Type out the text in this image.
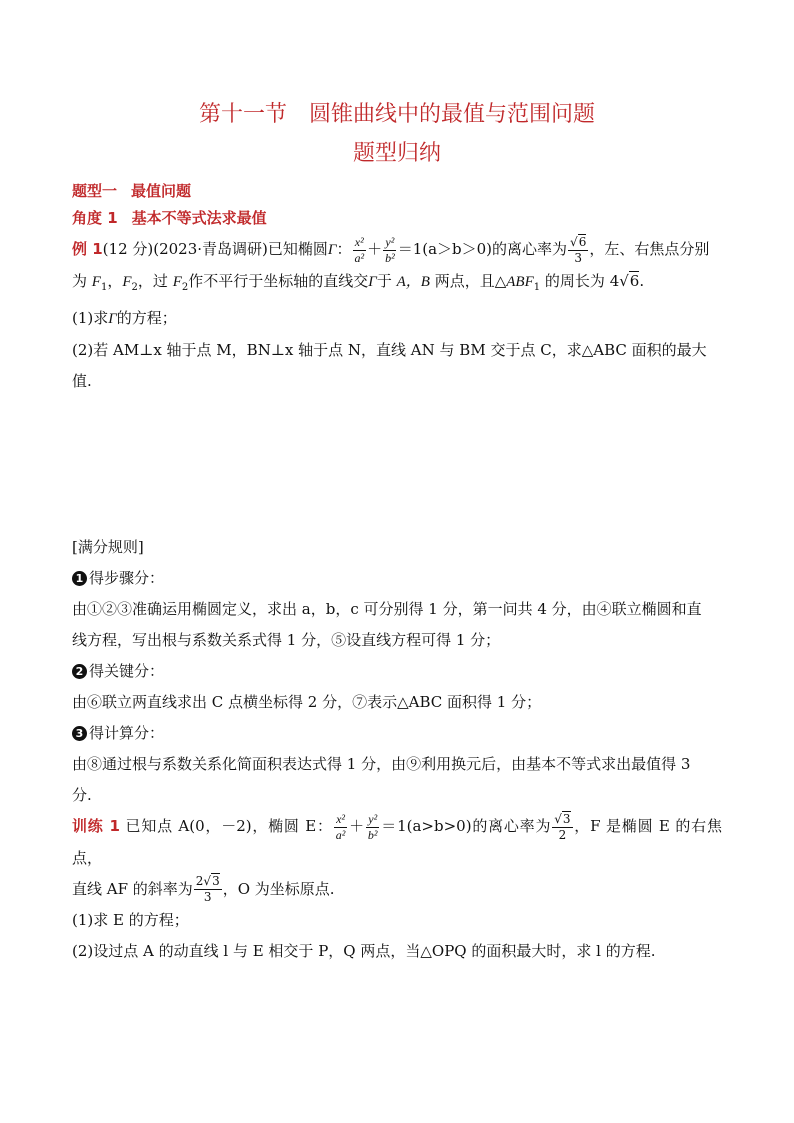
第十一节　圆锥曲线中的最值与范围问题
题型归纳
题型一 最值问题
角度 1 基本不等式法求最值

例 1(12 分)(2023·青岛调研)已知椭圆Γ： $\frac{\text{x²}}{\text{a²}} + \frac{\text{y²}}{\text{b²}} =1(a>b>0)$的离心率为 $\frac{√6}{3}$ ，左、右焦点分别

为 $F_1$，$F_2$，过 $F_2$作不平行于坐标轴的直线交Γ于 A，B 两点，且$\triangle ABF_1$ 的周长为 4√6.

(1)求Γ的方程；

(2)若 AM⊥x 轴于点 M，BN⊥x 轴于点 N，直线 AN 与 BM 交于点 C，求△ABC 面积的最大

值.

[满分规则]

1 得步骤分：

由①②③准确运用椭圆定义，求出 a，b，c 可分别得 1 分，第一问共 4 分，由④联立椭圆和直

线方程，写出根与系数关系式得 1 分，⑤设直线方程可得 1 分；

2 得关键分：

由⑥联立两直线求出 C 点横坐标得 2 分，⑦表示△ABC 面积得 1 分；

3 得计算分：

由⑧通过根与系数关系化简面积表达式得 1 分，由⑨利用换元后，由基本不等式求出最值得 3

分.

训练 1 已知点 A(0，－2)，椭圆 E： $\frac{\text{x²}}{\text{a²}} + \frac{\text{y²}}{\text{b²}} =1(a>b>0)$的离心率为 $\frac{√3}{2}$ ，F 是椭圆 E 的右焦点，

直线 AF 的斜率为 $\frac{2√3}{3}$ ，O 为坐标原点.

(1)求 E 的方程；

(2)设过点 A 的动直线 l 与 E 相交于 P，Q 两点，当△OPQ 的面积最大时，求 l 的方程.
